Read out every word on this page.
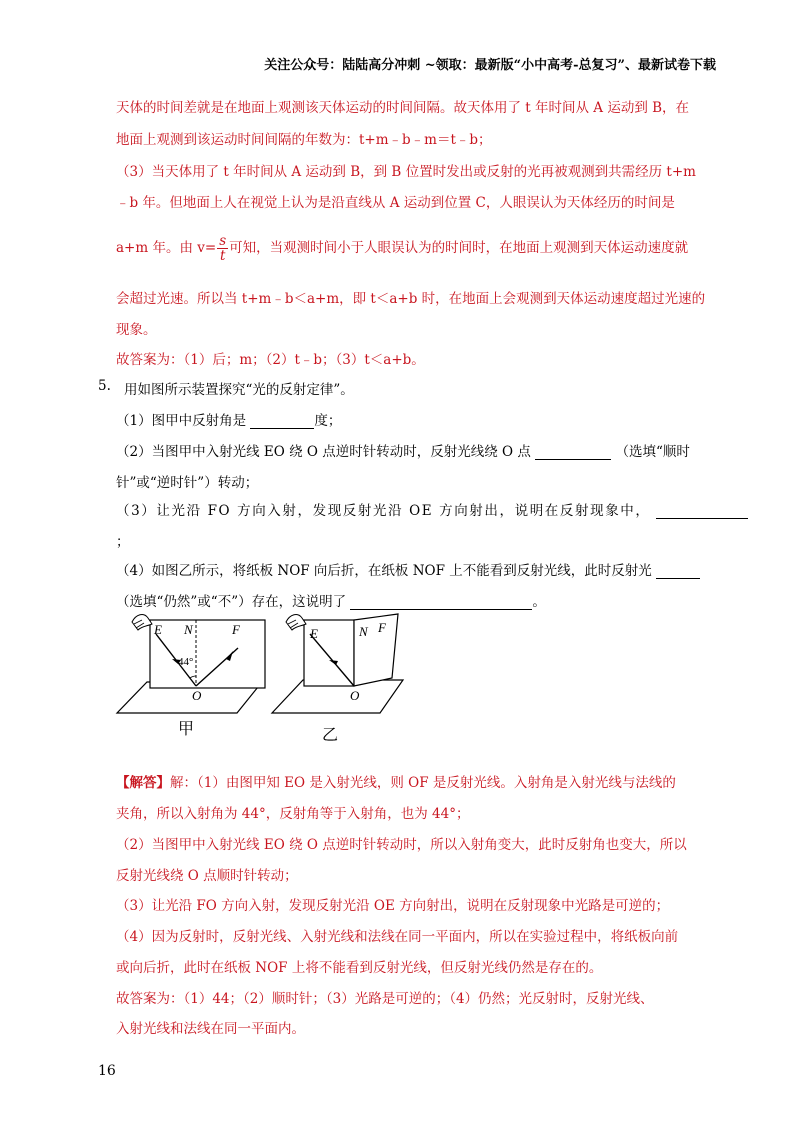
关注公众号：陆陆高分冲刺 ~领取：最新版“小中高考-总复习”、最新试卷下载
天体的时间差就是在地面上观测该天体运动的时间间隔。故天体用了 t 年时间从 A 运动到 B，在
地面上观测到该运动时间间隔的年数为：t+m﹣b﹣m＝t﹣b；
（3）当天体用了 t 年时间从 A 运动到 B，到 B 位置时发出或反射的光再被观测到共需经历 t+m
﹣b 年。但地面上人在视觉上认为是沿直线从 A 运动到位置 C，人眼误认为天体经历的时间是
a+m 年。由 $v= \frac{s}{t}$ 可知，当观测时间小于人眼误认为的时间时，在地面上观测到天体运动速度就
会超过光速。所以当 t+m﹣b＜a+m，即 t＜a+b 时，在地面上会观测到天体运动速度超过光速的
现象。
故答案为：（1）后；m；（2）t﹣b；（3）t＜a+b。
5. 用如图所示装置探究“光的反射定律”。
（1）图甲中反射角是	度；
（2）当图甲中入射光线 EO 绕 O 点逆时针转动时，反射光线绕 O 点	（选填“顺时
针”或“逆时针”）转动；
（3）让光沿 FO 方向入射，发现反射光沿 OE 方向射出，说明在反射现象中，
；
（4）如图乙所示，将纸板 NOF 向后折，在纸板 NOF 上不能看到反射光线，此时反射光
（选填“仍然”或“不”）存在，这说明了	。
E N	F
44°
O
甲
E	N F
O
乙
【解答】解：（1）由图甲知 EO 是入射光线，则 OF 是反射光线。入射角是入射光线与法线的
夹角，所以入射角为 44°，反射角等于入射角，也为 44°；
（2）当图甲中入射光线 EO 绕 O 点逆时针转动时，所以入射角变大，此时反射角也变大，所以
反射光线绕 O 点顺时针转动；
（3）让光沿 FO 方向入射，发现反射光沿 OE 方向射出，说明在反射现象中光路是可逆的；
（4）因为反射时，反射光线、入射光线和法线在同一平面内，所以在实验过程中，将纸板向前
或向后折，此时在纸板 NOF 上将不能看到反射光线，但反射光线仍然是存在的。
故答案为：（1）44；（2）顺时针；（3）光路是可逆的；（4）仍然；光反射时，反射光线、
入射光线和法线在同一平面内。
16
